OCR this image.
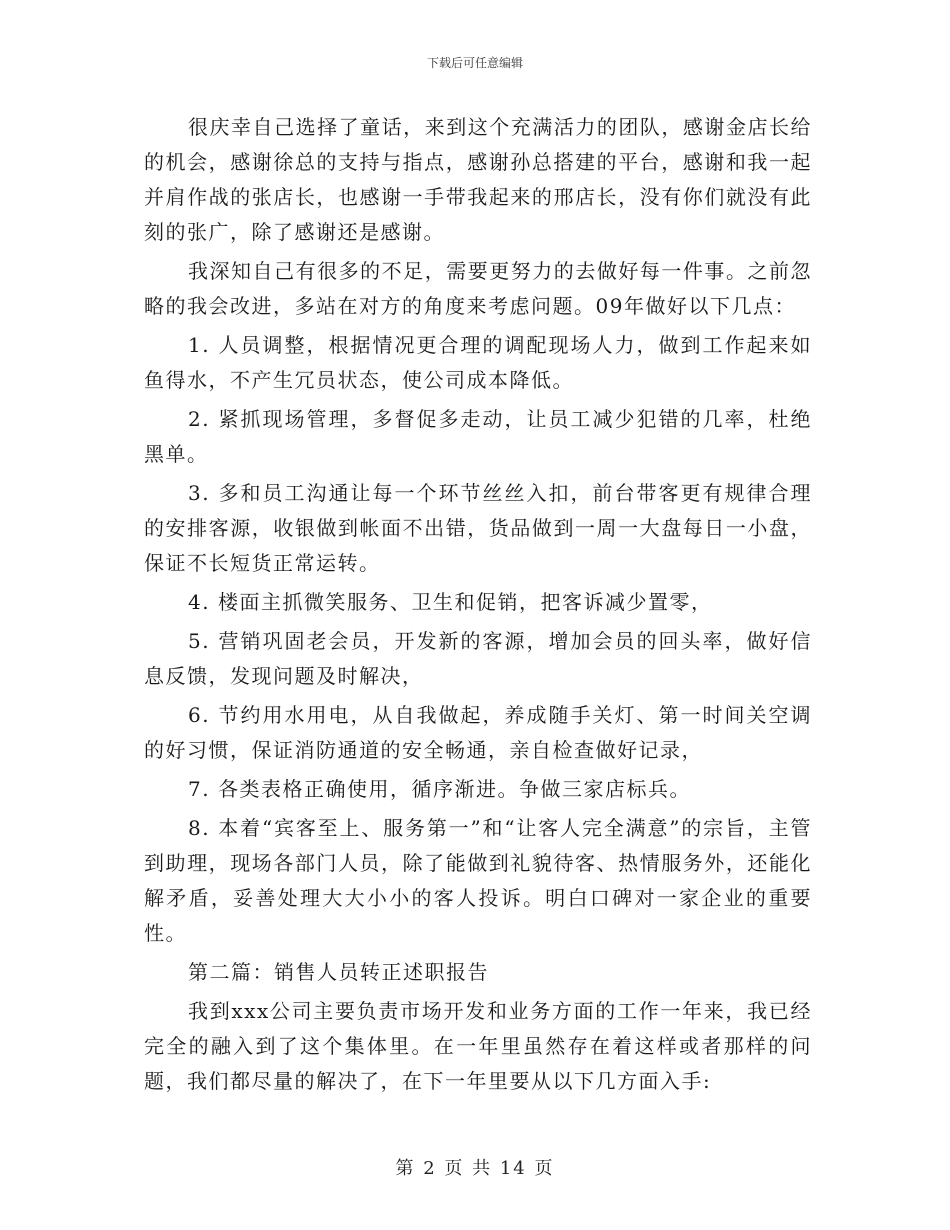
下载后可任意编辑

很庆幸自己选择了童话，来到这个充满活力的团队，感谢金店长给的机会，感谢徐总的支持与指点，感谢孙总搭建的平台，感谢和我一起并肩作战的张店长，也感谢一手带我起来的邢店长，没有你们就没有此刻的张广，除了感谢还是感谢。

我深知自己有很多的不足，需要更努力的去做好每一件事。之前忽略的我会改进，多站在对方的角度来考虑问题。09年做好以下几点：

1. 人员调整，根据情况更合理的调配现场人力，做到工作起来如鱼得水，不产生冗员状态，使公司成本降低。

2. 紧抓现场管理，多督促多走动，让员工减少犯错的几率，杜绝黑单。

3. 多和员工沟通让每一个环节丝丝入扣，前台带客更有规律合理的安排客源，收银做到帐面不出错，货品做到一周一大盘每日一小盘，保证不长短货正常运转。

4. 楼面主抓微笑服务、卫生和促销，把客诉减少置零，

5. 营销巩固老会员，开发新的客源，增加会员的回头率，做好信息反馈，发现问题及时解决，

6. 节约用水用电，从自我做起，养成随手关灯、第一时间关空调的好习惯，保证消防通道的安全畅通，亲自检查做好记录，

7. 各类表格正确使用，循序渐进。争做三家店标兵。

8. 本着“宾客至上、服务第一”和“让客人完全满意”的宗旨，主管到助理，现场各部门人员，除了能做到礼貌待客、热情服务外，还能化解矛盾，妥善处理大大小小的客人投诉。明白口碑对一家企业的重要性。

第二篇：销售人员转正述职报告

我到xxx公司主要负责市场开发和业务方面的工作一年来，我已经完全的融入到了这个集体里。在一年里虽然存在着这样或者那样的问题，我们都尽量的解决了，在下一年里要从以下几方面入手:

第 2 页 共 14 页
